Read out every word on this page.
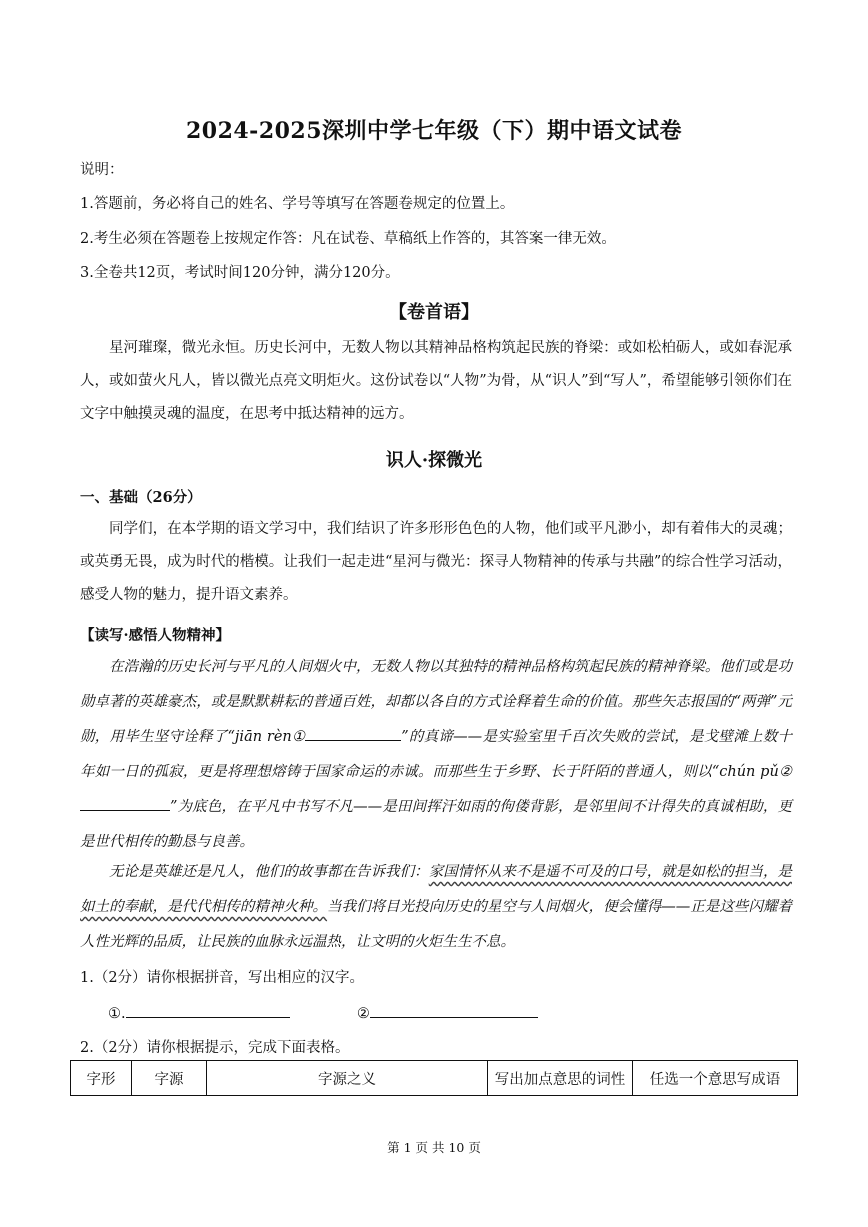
2024-2025深圳中学七年级（下）期中语文试卷
说明：
1.答题前，务必将自己的姓名、学号等填写在答题卷规定的位置上。
2.考生必须在答题卷上按规定作答：凡在试卷、草稿纸上作答的，其答案一律无效。
3.全卷共12页，考试时间120分钟，满分120分。
【卷首语】
星河璀璨，微光永恒。历史长河中，无数人物以其精神品格构筑起民族的脊梁：或如松柏砺人，或如春泥承人，或如萤火凡人，皆以微光点亮文明炬火。这份试卷以“人物”为骨，从“识人”到“写人”，希望能够引领你们在文字中触摸灵魂的温度，在思考中抵达精神的远方。
识人·探微光
一、基础（26分）
同学们，在本学期的语文学习中，我们结识了许多形形色色的人物，他们或平凡渺小，却有着伟大的灵魂；或英勇无畏，成为时代的楷模。让我们一起走进“星河与微光：探寻人物精神的传承与共融”的综合性学习活动，感受人物的魅力，提升语文素养。
【读写·感悟人物精神】
在浩瀚的历史长河与平凡的人间烟火中，无数人物以其独特的精神品格构筑起民族的精神脊梁。他们或是功勋卓著的英雄豪杰，或是默默耕耘的普通百姓，却都以各自的方式诠释着生命的价值。那些矢志报国的“两弹”元勋，用毕生坚守诠释了“jiān rèn①	”的真谛——是实验室里千百次失败的尝试，是戈壁滩上数十年如一日的孤寂，更是将理想熔铸于国家命运的赤诚。而那些生于乡野、长于阡陌的普通人，则以“chún pǔ②”为底色，在平凡中书写不凡——是田间挥汗如雨的佝偻背影，是邻里间不计得失的真诚相助，更是世代相传的勤恳与良善。
无论是英雄还是凡人，他们的故事都在告诉我们：家国情怀从来不是遥不可及的口号，就是如松的担当，是如土的奉献，是代代相传的精神火种。当我们将目光投向历史的星空与人间烟火，便会懂得——正是这些闪耀着人性光辉的品质，让民族的血脉永远温热，让文明的火炬生生不息。
1.（2分）请你根据拼音，写出相应的汉字。
①.	②
2.（2分）请你根据提示，完成下面表格。
字形	字源	字源之义	写出加点意思的词性	任选一个意思写成语
第 1 页 共 10 页
